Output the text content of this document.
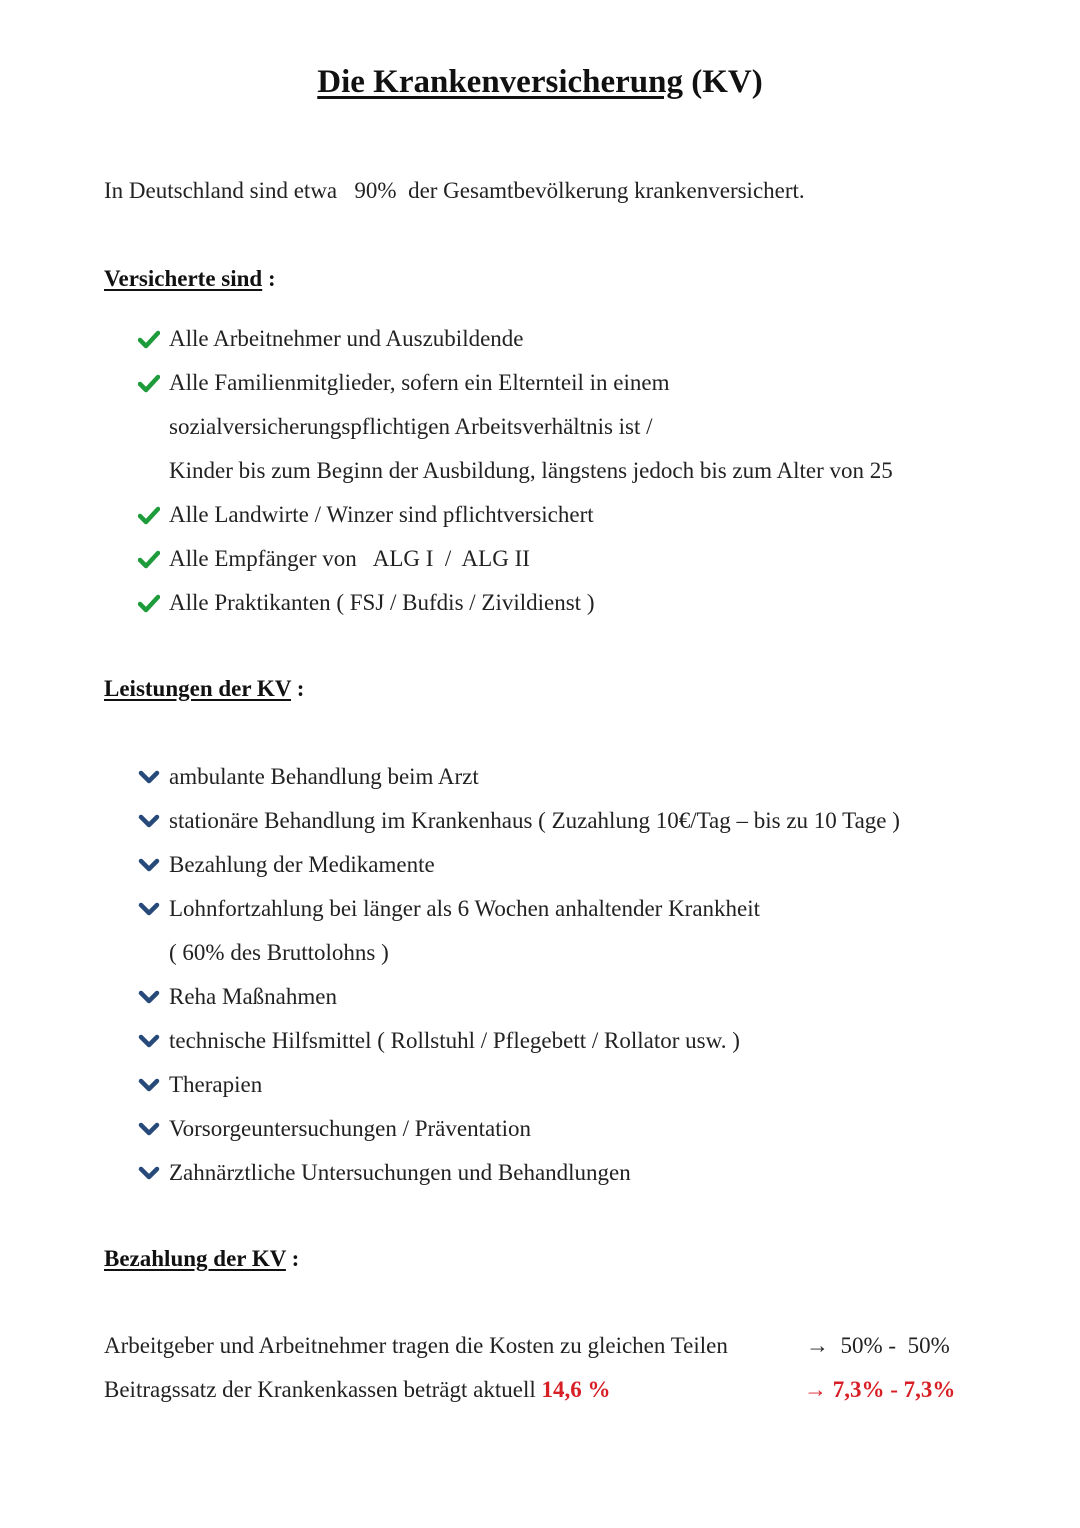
Die Krankenversicherung (KV)
In Deutschland sind etwa 90% der Gesamtbevölkerung krankenversichert.
Versicherte sind :
Alle Arbeitnehmer und Auszubildende
Alle Familienmitglieder, sofern ein Elternteil in einem
sozialversicherungspflichtigen Arbeitsverhältnis ist /
Kinder bis zum Beginn der Ausbildung, längstens jedoch bis zum Alter von 25
Alle Landwirte / Winzer sind pflichtversichert
Alle Empfänger von   ALG I  /  ALG II
Alle Praktikanten ( FSJ / Bufdis / Zivildienst )
Leistungen der KV :
ambulante Behandlung beim Arzt
stationäre Behandlung im Krankenhaus ( Zuzahlung 10€/Tag – bis zu 10 Tage )
Bezahlung der Medikamente
Lohnfortzahlung bei länger als 6 Wochen anhaltender Krankheit
( 60% des Bruttolohns )
Reha Maßnahmen
technische Hilfsmittel ( Rollstuhl / Pflegebett / Rollator usw. )
Therapien
Vorsorgeuntersuchungen / Präventation
Zahnärztliche Untersuchungen und Behandlungen
Bezahlung der KV :
Arbeitgeber und Arbeitnehmer tragen die Kosten zu gleichen Teilen	→  50% -  50%
Beitragssatz der Krankenkassen beträgt aktuell 14,6 %	→ 7,3% - 7,3%
